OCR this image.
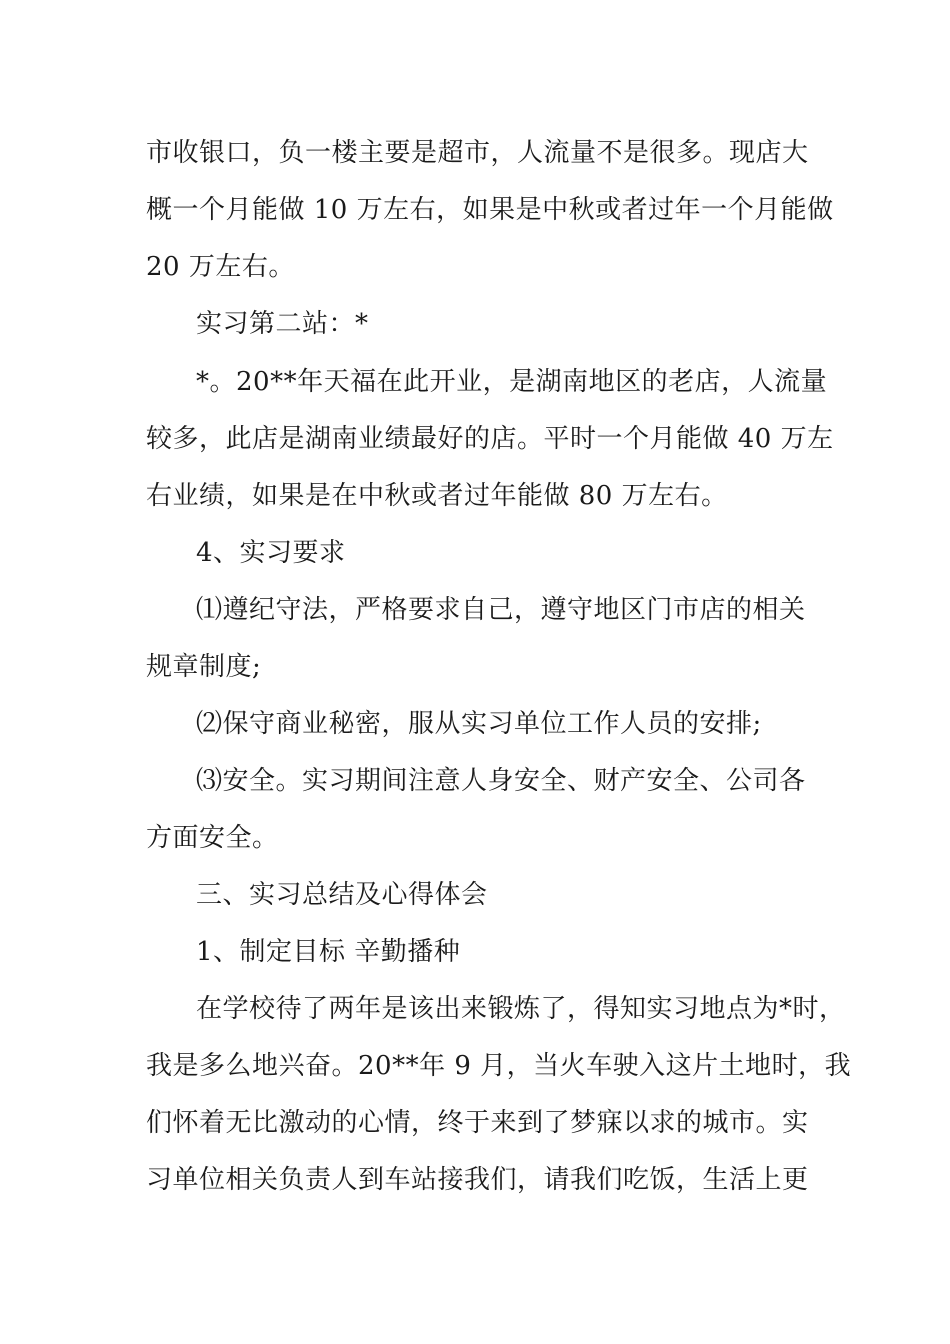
市收银口，负一楼主要是超市，人流量不是很多。现店大
概一个月能做 10 万左右，如果是中秋或者过年一个月能做
20 万左右。
实习第二站：*
*。20**年天福在此开业，是湖南地区的老店，人流量
较多，此店是湖南业绩最好的店。平时一个月能做 40 万左
右业绩，如果是在中秋或者过年能做 80 万左右。
4、实习要求
⑴遵纪守法，严格要求自己，遵守地区门市店的相关
规章制度;
⑵保守商业秘密，服从实习单位工作人员的安排;
⑶安全。实习期间注意人身安全、财产安全、公司各
方面安全。
三、实习总结及心得体会
1、制定目标 辛勤播种
在学校待了两年是该出来锻炼了，得知实习地点为*时，
我是多么地兴奋。20**年 9 月，当火车驶入这片土地时，我
们怀着无比激动的心情，终于来到了梦寐以求的城市。实
习单位相关负责人到车站接我们，请我们吃饭，生活上更
